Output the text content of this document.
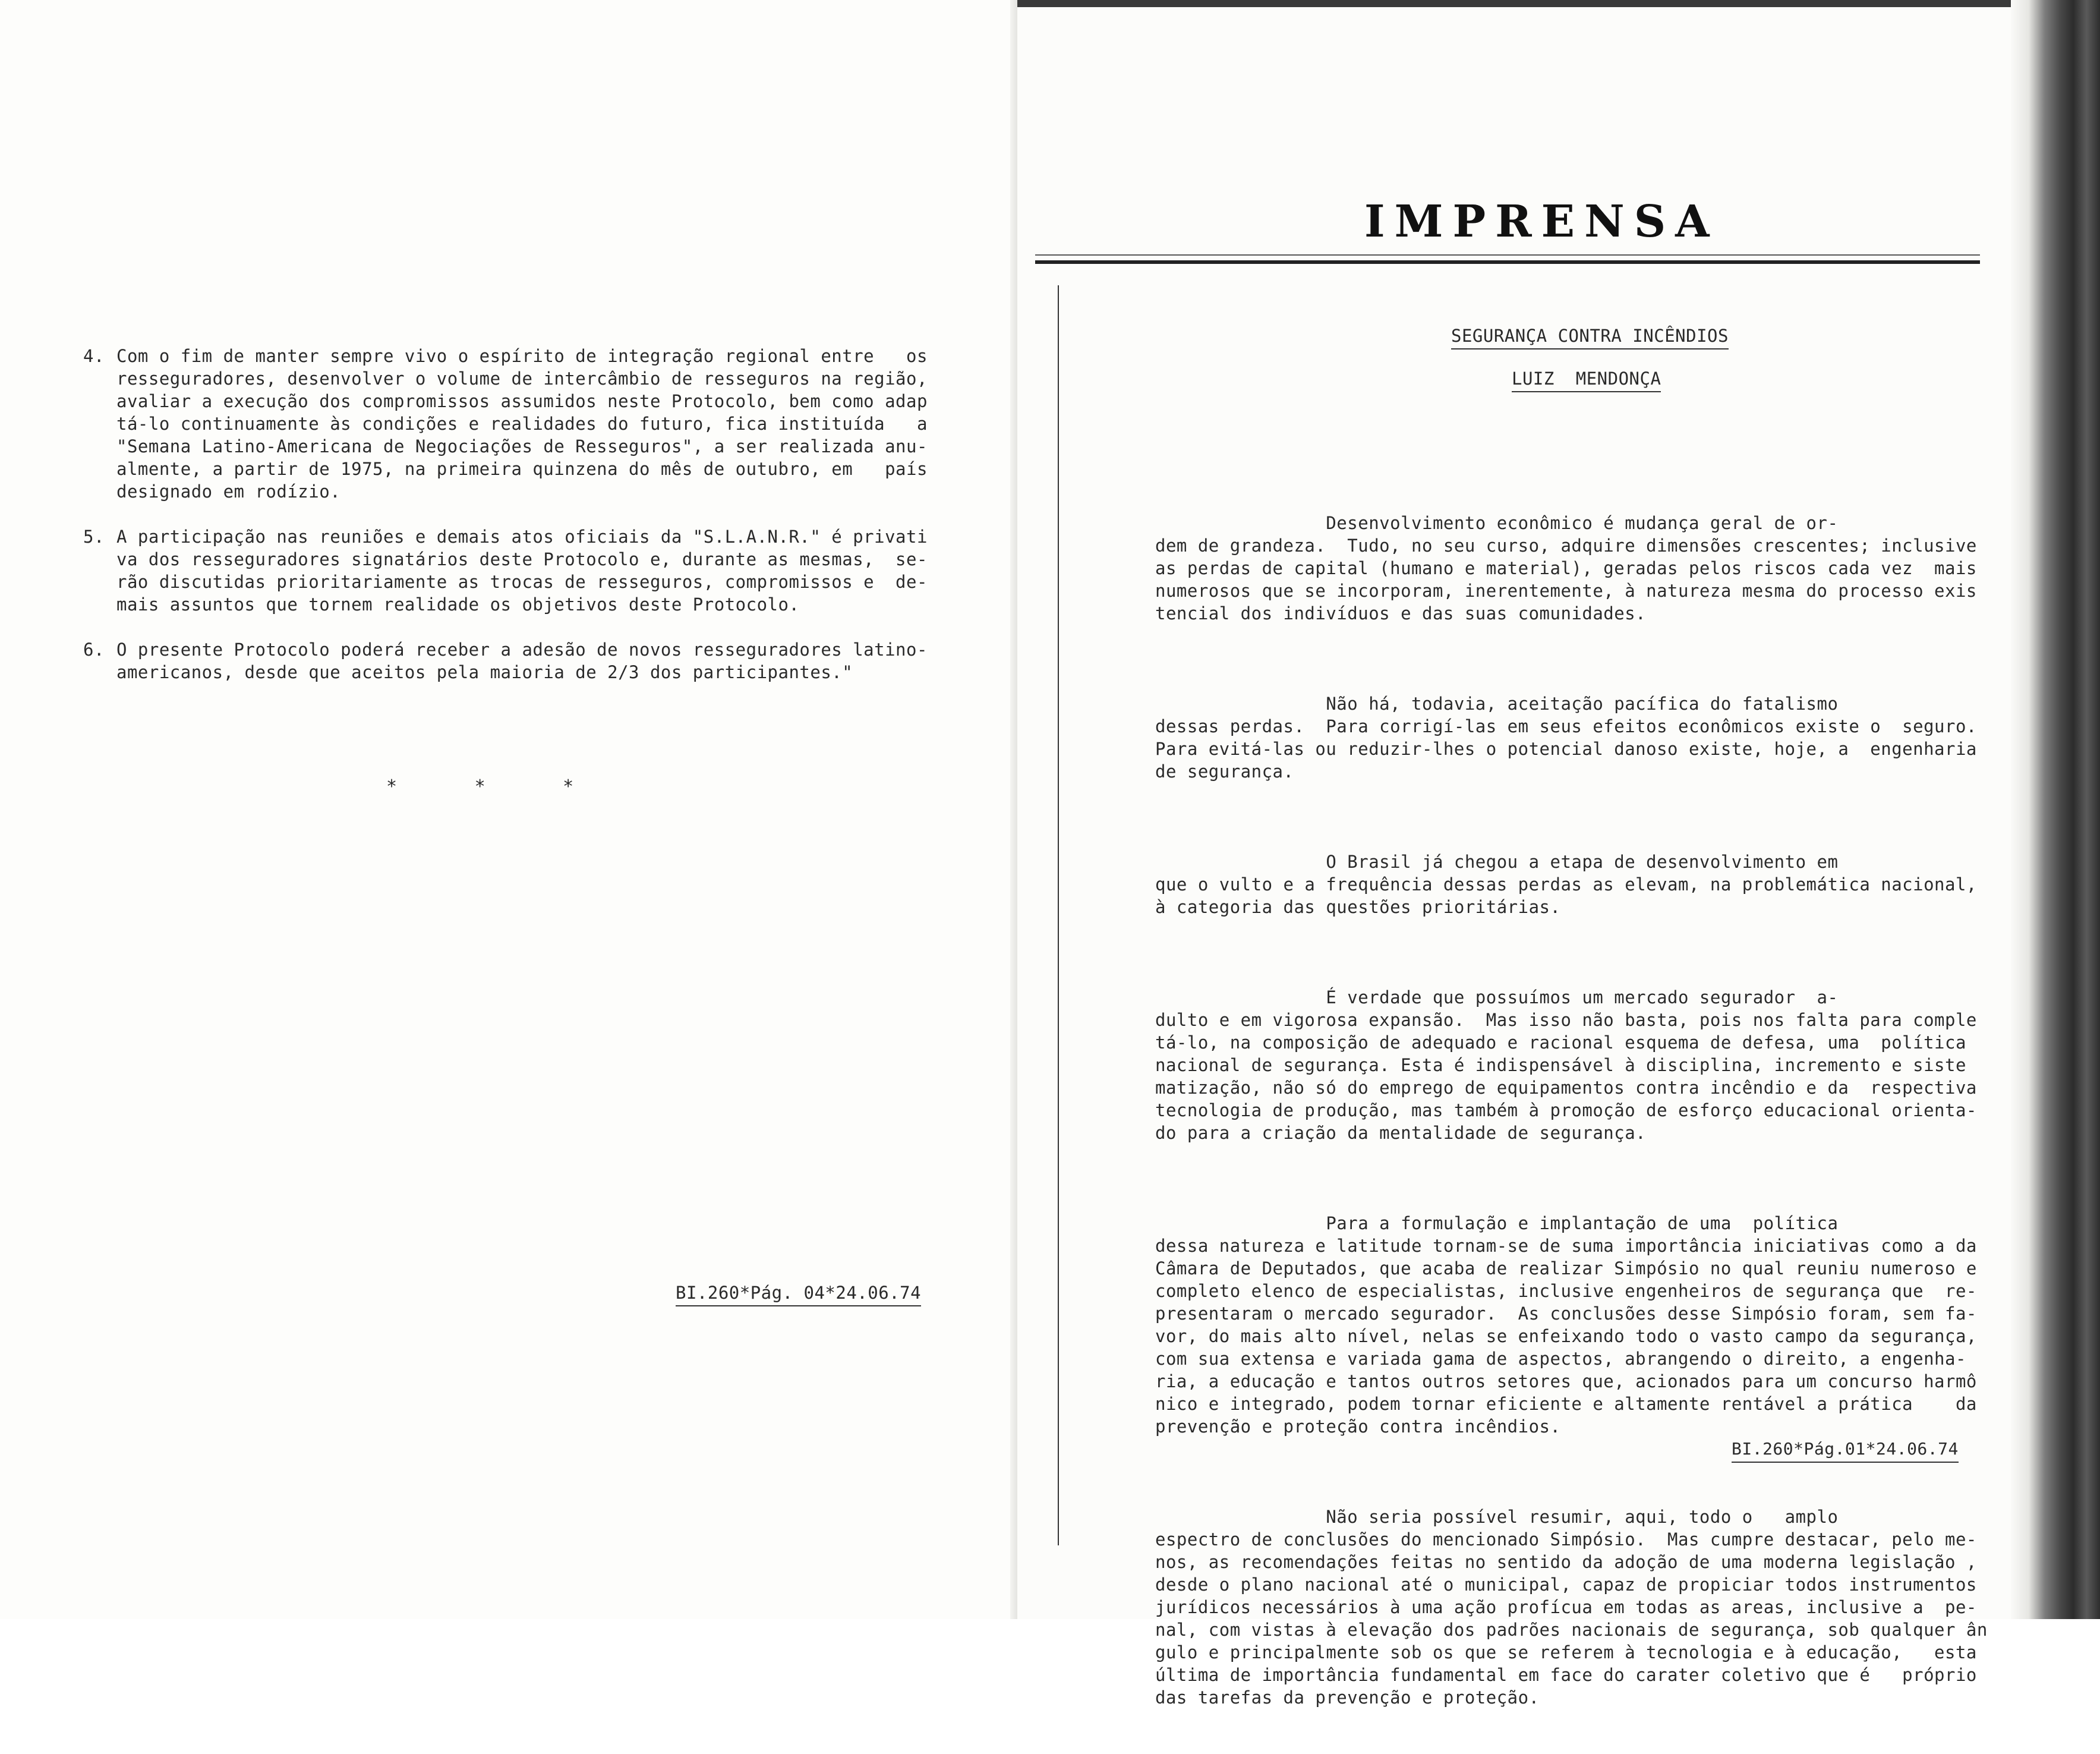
4. Com o fim de manter sempre vivo o espírito de integração regional entre   os
resseguradores, desenvolver o volume de intercâmbio de resseguros na região,
avaliar a execução dos compromissos assumidos neste Protocolo, bem como adap
tá-lo continuamente às condições e realidades do futuro, fica instituída   a
"Semana Latino-Americana de Negociações de Resseguros", a ser realizada anu-
almente, a partir de 1975, na primeira quinzena do mês de outubro, em   país
designado em rodízio.
5. A participação nas reuniões e demais atos oficiais da "S.L.A.N.R." é privati
va dos resseguradores signatários deste Protocolo e, durante as mesmas,  se-
rão discutidas prioritariamente as trocas de resseguros, compromissos e  de-
mais assuntos que tornem realidade os objetivos deste Protocolo.
6. O presente Protocolo poderá receber a adesão de novos resseguradores latino-
americanos, desde que aceitos pela maioria de 2/3 dos participantes."
*	*	*
BI.260*Pág. 04*24.06.74
IMPRENSA
SEGURANÇA CONTRA INCÊNDIOS
LUIZ  MENDONÇA

Desenvolvimento econômico é mudança geral de or-
dem de grandeza.  Tudo, no seu curso, adquire dimensões crescentes; inclusive
as perdas de capital (humano e material), geradas pelos riscos cada vez  mais
numerosos que se incorporam, inerentemente, à natureza mesma do processo exis
tencial dos indivíduos e das suas comunidades.

Não há, todavia, aceitação pacífica do fatalismo
dessas perdas.  Para corrigí-las em seus efeitos econômicos existe o  seguro.
Para evitá-las ou reduzir-lhes o potencial danoso existe, hoje, a  engenharia
de segurança.

O Brasil já chegou a etapa de desenvolvimento em
que o vulto e a frequência dessas perdas as elevam, na problemática nacional,
à categoria das questões prioritárias.

É verdade que possuímos um mercado segurador  a-
dulto e em vigorosa expansão.  Mas isso não basta, pois nos falta para comple
tá-lo, na composição de adequado e racional esquema de defesa, uma  política
nacional de segurança. Esta é indispensável à disciplina, incremento e siste
matização, não só do emprego de equipamentos contra incêndio e da  respectiva
tecnologia de produção, mas também à promoção de esforço educacional orienta-
do para a criação da mentalidade de segurança.

Para a formulação e implantação de uma  política
dessa natureza e latitude tornam-se de suma importância iniciativas como a
Câmara de Deputados, que acaba de realizar Simpósio no qual reuniu numeroso
completo elenco de especialistas, inclusive engenheiros de segurança que
presentaram o mercado segurador.  As conclusões desse Simpósio foram, sem
vor, do mais alto nível, nelas se enfeixando todo o vasto campo da segurança,
com sua extensa e variada gama de aspectos, abrangendo o direito, a engenha-
ria, a educação e tantos outros setores que, acionados para um concurso harmô
nico e integrado, podem tornar eficiente e altamente rentável a prática
prevenção e proteção contra incêndios.

Não seria possível resumir, aqui, todo o   amplo
espectro de conclusões do mencionado Simpósio.  Mas cumpre destacar, pelo
nos, as recomendações feitas no sentido da adoção de uma moderna legislação
desde o plano nacional até o municipal, capaz de propiciar todos instrumentos
jurídicos necessários à uma ação profícua em todas as areas, inclusive a
nal, com vistas à elevação dos padrões nacionais de segurança, sob qualquer ân
gulo e principalmente sob os que se referem à tecnologia e à educação,   esta
última de importância fundamental em face do carater coletivo que é   próprio
das tarefas da prevenção e proteção.

BI.260*Pág.01*24.06.74
